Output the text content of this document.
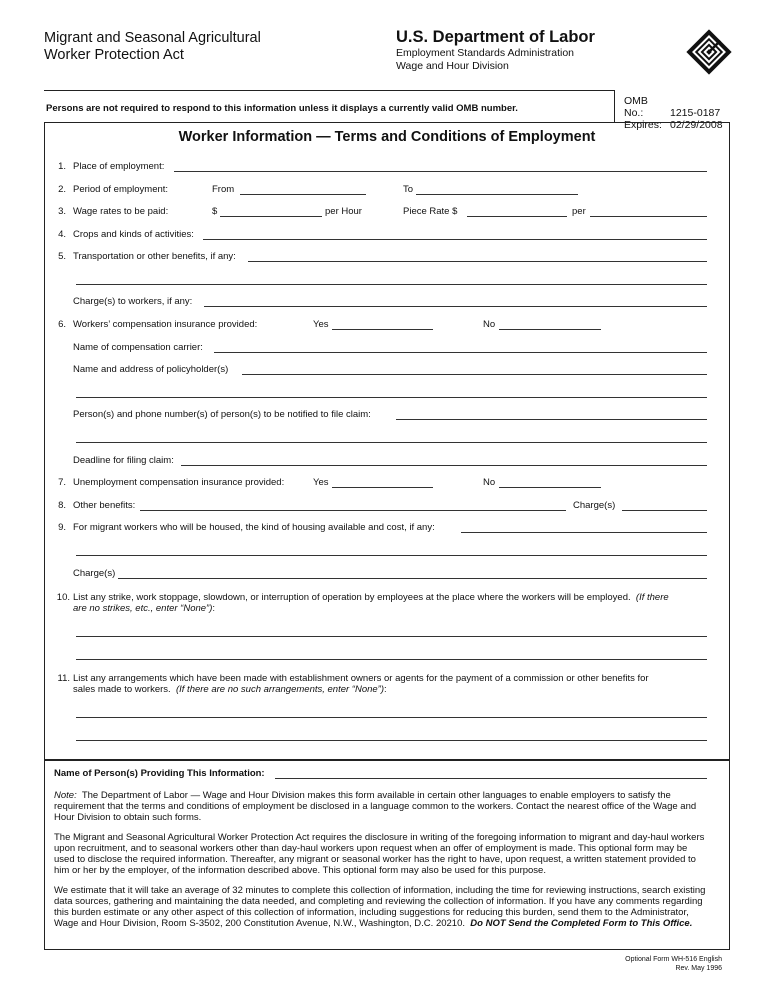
Migrant and Seasonal Agricultural
Worker Protection Act
U.S. Department of Labor
Employment Standards Administration
Wage and Hour Division
OMB No.:	1215-0187
Expires: 02/29/2008
Persons are not required to respond to this information unless it displays a currently valid OMB number.
Worker Information — Terms and Conditions of Employment
1. Place of employment:
2. Period of employment:	From	To
3. Wage rates to be paid:	$	per Hour	Piece Rate $	per
4. Crops and kinds of activities:
5. Transportation or other benefits, if any:
Charge(s) to workers, if any:
6. Workers’ compensation insurance provided:	Yes	No
Name of compensation carrier:
Name and address of policyholder(s)
Person(s) and phone number(s) of person(s) to be notified to file claim:
Deadline for filing claim:
7. Unemployment compensation insurance provided:	Yes	No
8. Other benefits:	Charge(s)
9. For migrant workers who will be housed, the kind of housing available and cost, if any:
Charge(s)
10. List any strike, work stoppage, slowdown, or interruption of operation by employees at the place where the workers will be employed. (If there
are no strikes, etc., enter “None”):
11. List any arrangements which have been made with establishment owners or agents for the payment of a commission or other benefits for
sales made to workers. (If there are no such arrangements, enter “None”):
Name of Person(s) Providing This Information:
Note: The Department of Labor — Wage and Hour Division makes this form available in certain other languages to enable employers to satisfy the requirement that the terms and conditions of employment be disclosed in a language common to the workers. Contact the nearest office of the Wage and Hour Division to obtain such forms.
The Migrant and Seasonal Agricultural Worker Protection Act requires the disclosure in writing of the foregoing information to migrant and day-haul workers upon recruitment, and to seasonal workers other than day-haul workers upon request when an offer of employment is made. This optional form may be used to disclose the required information. Thereafter, any migrant or seasonal worker has the right to have, upon request, a written statement provided to him or her by the employer, of the information described above. This optional form may also be used for this purpose.
We estimate that it will take an average of 32 minutes to complete this collection of information, including the time for reviewing instructions, search existing data sources, gathering and maintaining the data needed, and completing and reviewing the collection of information. If you have any comments regarding this burden estimate or any other aspect of this collection of information, including suggestions for reducing this burden, send them to the Administrator, Wage and Hour Division, Room S-3502, 200 Constitution Avenue, N.W., Washington, D.C. 20210. Do NOT Send the Completed Form to This Office.
Optional Form WH-516 English
Rev. May 1996
